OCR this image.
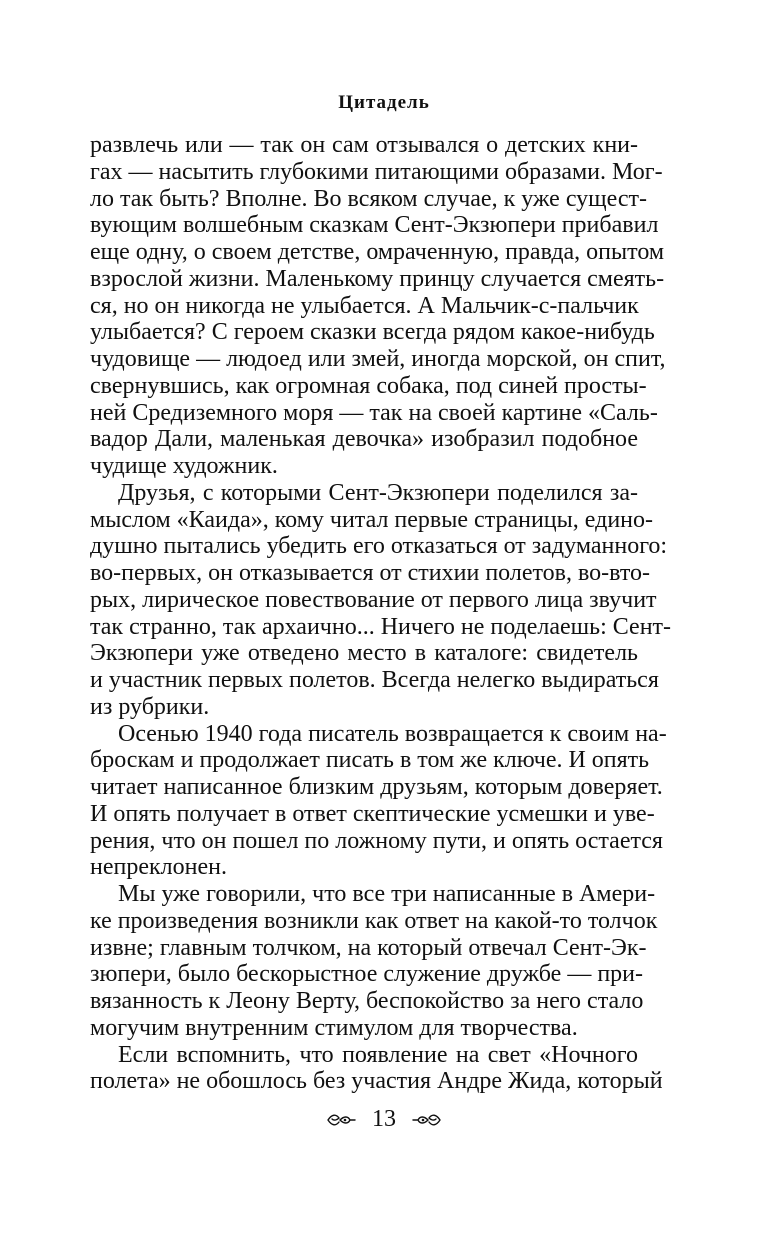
Цитадель
развлечь или — так он сам отзывался о детских кни-
гах — насытить глубокими питающими образами. Мог-
ло так быть? Вполне. Во всяком случае, к уже сущест-
вующим волшебным сказкам Сент-Экзюпери прибавил
еще одну, о своем детстве, омраченную, правда, опытом
взрослой жизни. Маленькому принцу случается смеять-
ся, но он никогда не улыбается. А Мальчик-с-пальчик
улыбается? С героем сказки всегда рядом какое-нибудь
чудовище — людоед или змей, иногда морской, он спит,
свернувшись, как огромная собака, под синей просты-
ней Средиземного моря — так на своей картине «Саль-
вадор Дали, маленькая девочка» изобразил подобное
чудище художник.
Друзья, с которыми Сент-Экзюпери поделился за-
мыслом «Каида», кому читал первые страницы, едино-
душно пытались убедить его отказаться от задуманного:
во-первых, он отказывается от стихии полетов, во-вто-
рых, лирическое повествование от первого лица звучит
так странно, так архаично... Ничего не поделаешь: Сент-
Экзюпери уже отведено место в каталоге: свидетель
и участник первых полетов. Всегда нелегко выдираться
из рубрики.
Осенью 1940 года писатель возвращается к своим на-
броскам и продолжает писать в том же ключе. И опять
читает написанное близким друзьям, которым доверяет.
И опять получает в ответ скептические усмешки и уве-
рения, что он пошел по ложному пути, и опять остается
непреклонен.
Мы уже говорили, что все три написанные в Амери-
ке произведения возникли как ответ на какой-то толчок
извне; главным толчком, на который отвечал Сент-Эк-
зюпери, было бескорыстное служение дружбе — при-
вязанность к Леону Верту, беспокойство за него стало
могучим внутренним стимулом для творчества.
Если вспомнить, что появление на свет «Ночного
полета» не обошлось без участия Андре Жида, который
13
